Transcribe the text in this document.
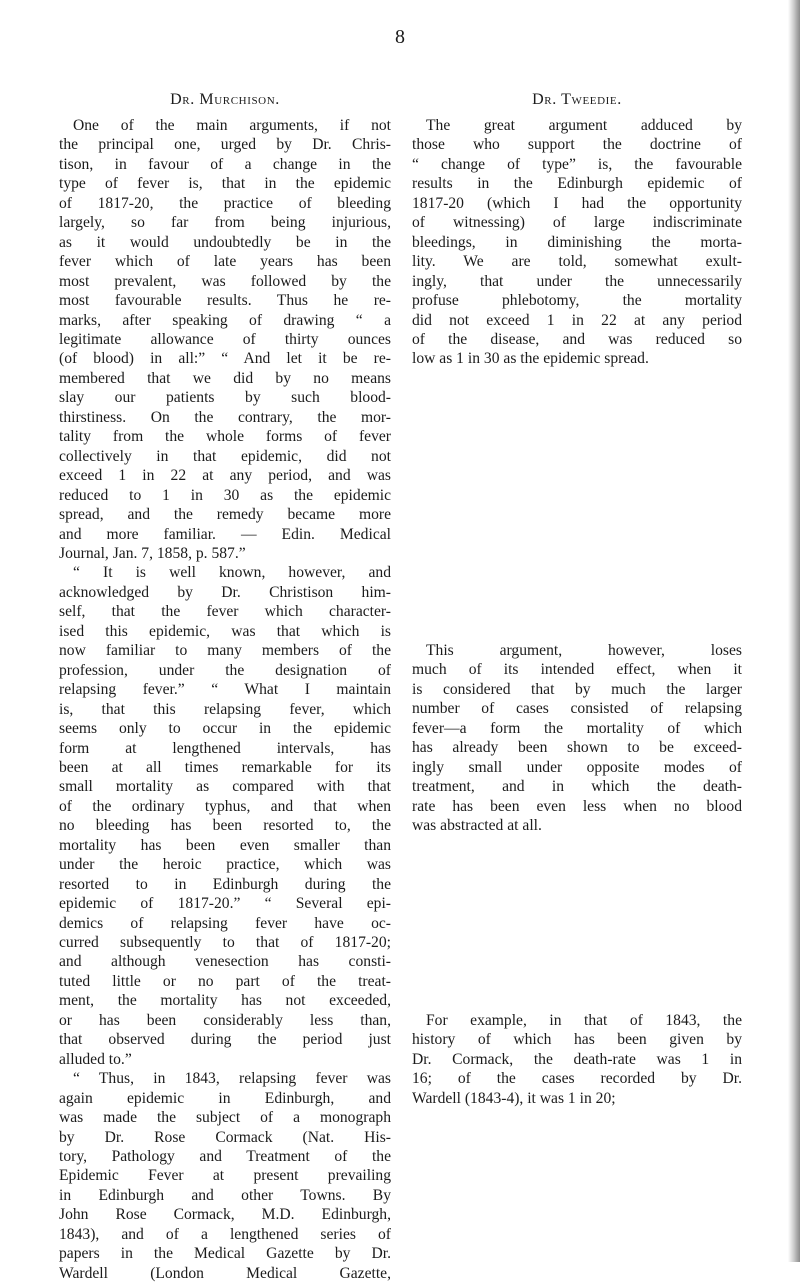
8
Dr. Murchison.
One of the main arguments, if not
the principal one, urged by Dr. Chris-
tison, in favour of a change in the
type of fever is, that in the epidemic
of 1817-20, the practice of bleeding
largely, so far from being injurious,
as it would undoubtedly be in the
fever which of late years has been
most prevalent, was followed by the
most favourable results. Thus he re-
marks, after speaking of drawing “ a
legitimate allowance of thirty ounces
(of blood) in all:” “ And let it be re-
membered that we did by no means
slay our patients by such blood-
thirstiness. On the contrary, the mor-
tality from the whole forms of fever
collectively in that epidemic, did not
exceed 1 in 22 at any period, and was
reduced to 1 in 30 as the epidemic
spread, and the remedy became more
and more familiar. — Edin. Medical
Journal, Jan. 7, 1858, p. 587.”
“ It is well known, however, and
acknowledged by Dr. Christison him-
self, that the fever which character-
ised this epidemic, was that which is
now familiar to many members of the
profession, under the designation of
relapsing fever.” “ What I maintain
is, that this relapsing fever, which
seems only to occur in the epidemic
form at lengthened intervals, has
been at all times remarkable for its
small mortality as compared with that
of the ordinary typhus, and that when
no bleeding has been resorted to, the
mortality has been even smaller than
under the heroic practice, which was
resorted to in Edinburgh during the
epidemic of 1817-20.” “ Several epi-
demics of relapsing fever have oc-
curred subsequently to that of 1817-20;
and although venesection has consti-
tuted little or no part of the treat-
ment, the mortality has not exceeded,
or has been considerably less than,
that observed during the period just
alluded to.”
“ Thus, in 1843, relapsing fever was
again epidemic in Edinburgh, and
was made the subject of a monograph
by Dr. Rose Cormack (Nat. His-
tory, Pathology and Treatment of the
Epidemic Fever at present prevailing
in Edinburgh and other Towns. By
John Rose Cormack, M.D. Edinburgh,
1843), and of a lengthened series of
papers in the Medical Gazette by Dr.
Wardell (London Medical Gazette,
Dr. Tweedie.
The great argument adduced by
those who support the doctrine of
“ change of type” is, the favourable
results in the Edinburgh epidemic of
1817-20 (which I had the opportunity
of witnessing) of large indiscriminate
bleedings, in diminishing the morta-
lity. We are told, somewhat exult-
ingly, that under the unnecessarily
profuse phlebotomy, the mortality
did not exceed 1 in 22 at any period
of the disease, and was reduced so
low as 1 in 30 as the epidemic spread.
This argument, however, loses
much of its intended effect, when it
is considered that by much the larger
number of cases consisted of relapsing
fever—a form the mortality of which
has already been shown to be exceed-
ingly small under opposite modes of
treatment, and in which the death-
rate has been even less when no blood
was abstracted at all.
For example, in that of 1843, the
history of which has been given by
Dr. Cormack, the death-rate was 1 in
16; of the cases recorded by Dr.
Wardell (1843-4), it was 1 in 20;
